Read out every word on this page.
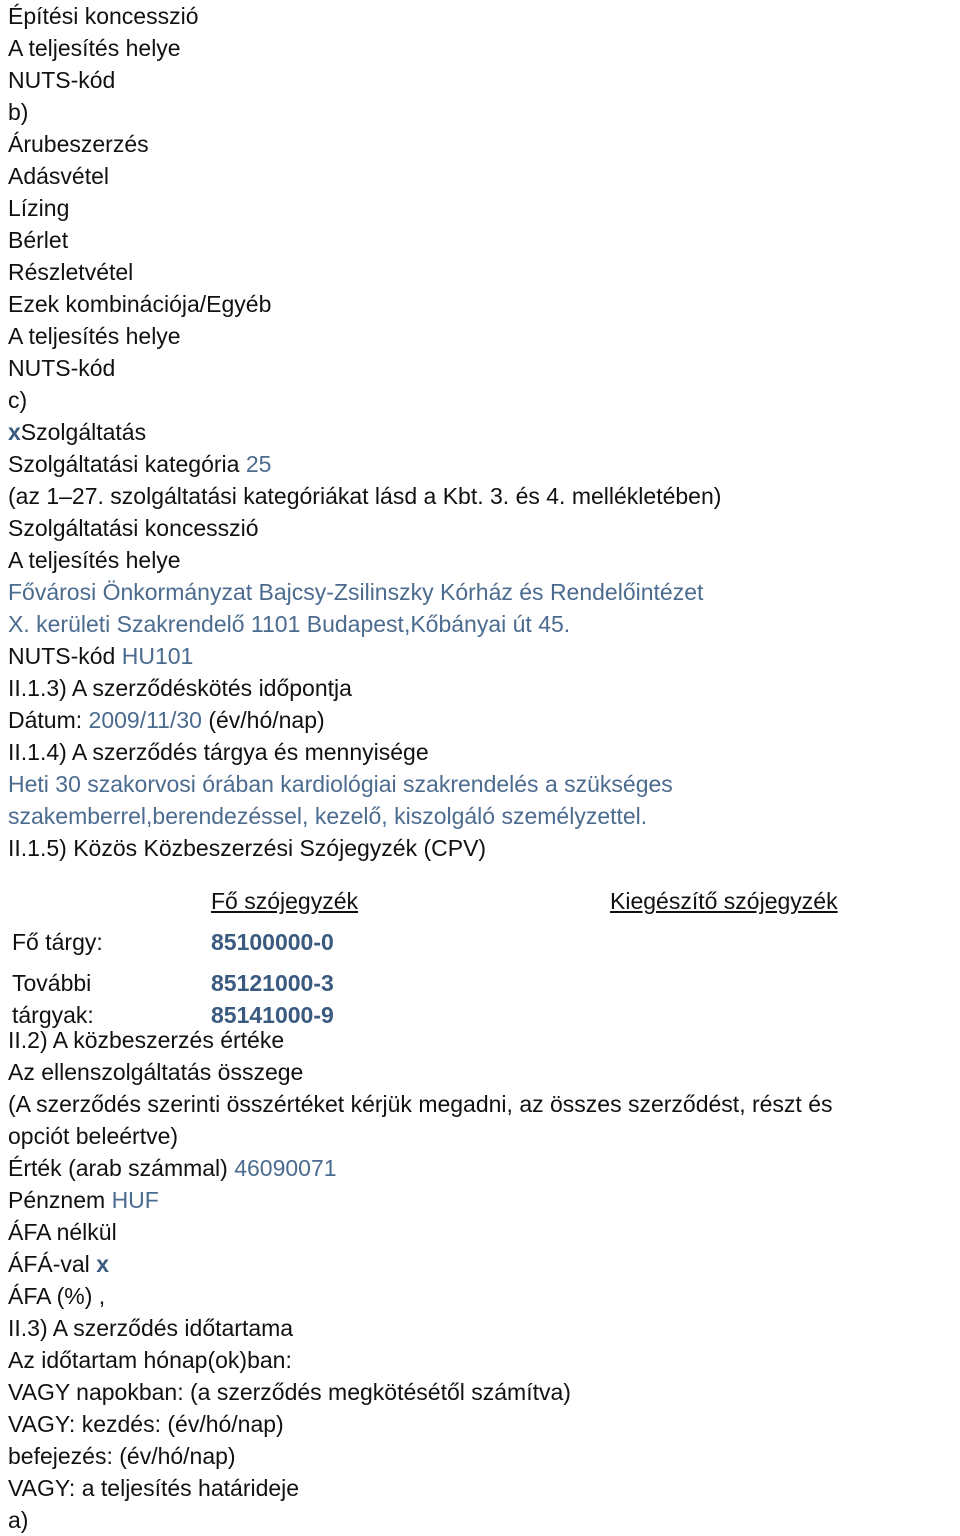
Építési koncesszió
A teljesítés helye
NUTS-kód
b)
Árubeszerzés
Adásvétel
Lízing
Bérlet
Részletvétel
Ezek kombinációja/Egyéb
A teljesítés helye
NUTS-kód
c)
xSzolgáltatás
Szolgáltatási kategória 25
(az 1–27. szolgáltatási kategóriákat lásd a Kbt. 3. és 4. mellékletében)
Szolgáltatási koncesszió
A teljesítés helye
Fővárosi Önkormányzat Bajcsy-Zsilinszky Kórház és Rendelőintézet
X. kerületi Szakrendelő 1101 Budapest,Kőbányai út 45.
NUTS-kód HU101
II.1.3) A szerződéskötés időpontja
Dátum: 2009/11/30 (év/hó/nap)
II.1.4) A szerződés tárgya és mennyisége
Heti 30 szakorvosi órában kardiológiai szakrendelés a szükséges
szakemberrel,berendezéssel, kezelő, kiszolgáló személyzettel.
II.1.5) Közös Közbeszerzési Szójegyzék (CPV)
Fő szójegyzék	Kiegészítő szójegyzék
Fő tárgy:	85100000-0
További
tárgyak:
85121000-3
85141000-9
II.2) A közbeszerzés értéke
Az ellenszolgáltatás összege
(A szerződés szerinti összértéket kérjük megadni, az összes szerződést, részt és
opciót beleértve)
Érték (arab számmal) 46090071
Pénznem HUF
ÁFA nélkül
ÁFÁ-val x
ÁFA (%) ,
II.3) A szerződés időtartama
Az időtartam hónap(ok)ban:
VAGY napokban: (a szerződés megkötésétől számítva)
VAGY: kezdés: (év/hó/nap)
befejezés: (év/hó/nap)
VAGY: a teljesítés határideje
a)
